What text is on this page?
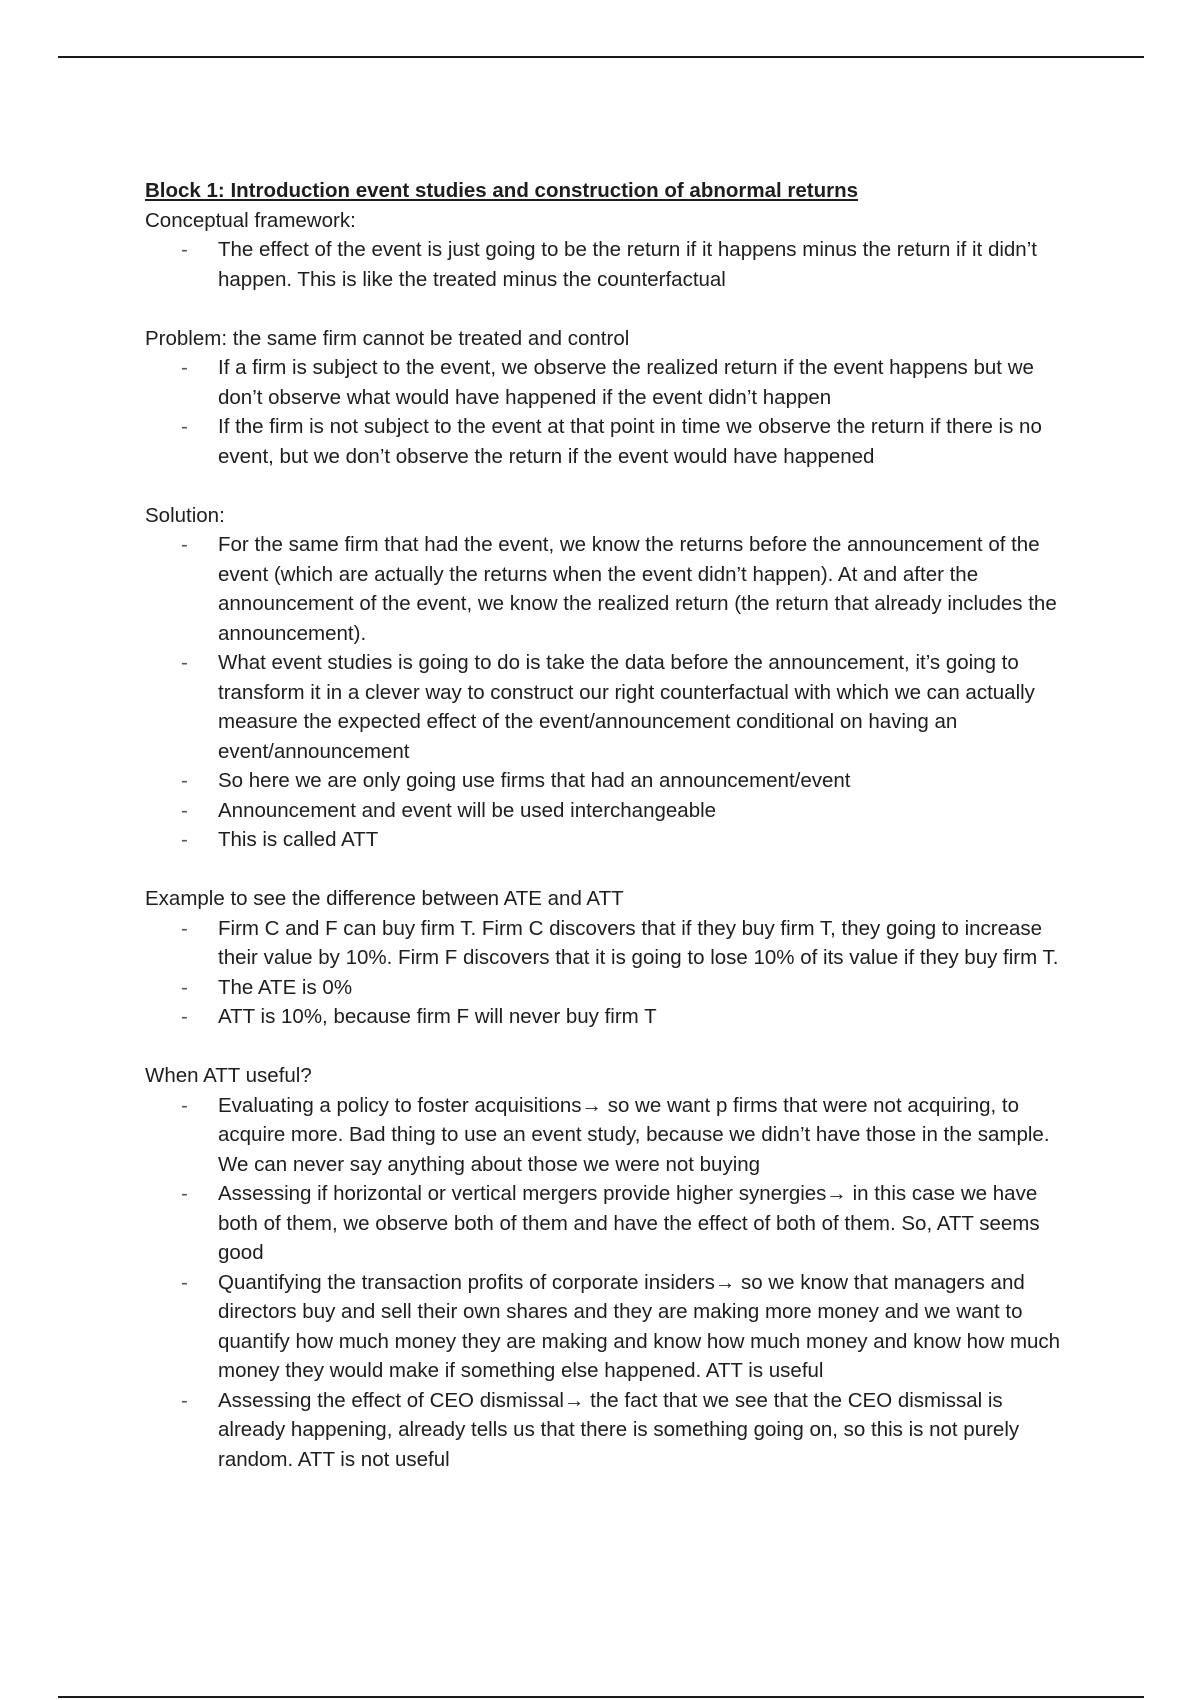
Block 1: Introduction event studies and construction of abnormal returns

Conceptual framework:

- The effect of the event is just going to be the return if it happens minus the return if it didn’t happen. This is like the treated minus the counterfactual

Problem: the same firm cannot be treated and control

- If a firm is subject to the event, we observe the realized return if the event happens but we don’t observe what would have happened if the event didn’t happen
- If the firm is not subject to the event at that point in time we observe the return if there is no event, but we don’t observe the return if the event would have happened

Solution:

- For the same firm that had the event, we know the returns before the announcement of the event (which are actually the returns when the event didn’t happen). At and after the announcement of the event, we know the realized return (the return that already includes the announcement).
- What event studies is going to do is take the data before the announcement, it’s going to transform it in a clever way to construct our right counterfactual with which we can actually measure the expected effect of the event/announcement conditional on having an event/announcement
- So here we are only going use firms that had an announcement/event
- Announcement and event will be used interchangeable
- This is called ATT

Example to see the difference between ATE and ATT

- Firm C and F can buy firm T. Firm C discovers that if they buy firm T, they going to increase their value by 10%. Firm F discovers that it is going to lose 10% of its value if they buy firm T.
- The ATE is 0%
- ATT is 10%, because firm F will never buy firm T

When ATT useful?

- Evaluating a policy to foster acquisitions→ so we want p firms that were not acquiring, to acquire more. Bad thing to use an event study, because we didn’t have those in the sample. We can never say anything about those we were not buying
- Assessing if horizontal or vertical mergers provide higher synergies→ in this case we have both of them, we observe both of them and have the effect of both of them. So, ATT seems good
- Quantifying the transaction profits of corporate insiders→ so we know that managers and directors buy and sell their own shares and they are making more money and we want to quantify how much money they are making and know how much money and know how much money they would make if something else happened. ATT is useful
- Assessing the effect of CEO dismissal→ the fact that we see that the CEO dismissal is already happening, already tells us that there is something going on, so this is not purely random. ATT is not useful
